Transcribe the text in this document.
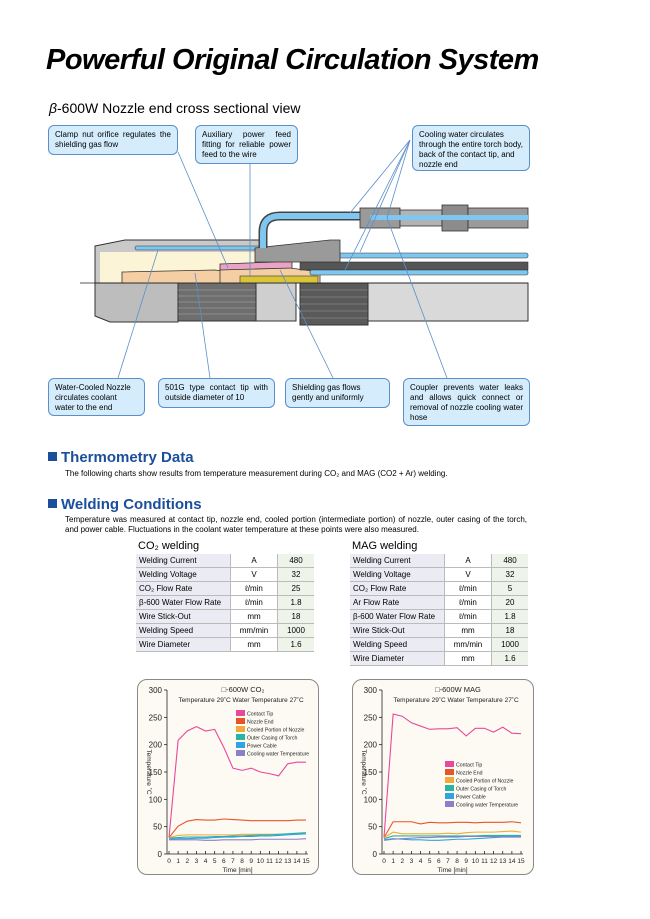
Powerful Original Circulation System
β-600W Nozzle end cross sectional view
Clamp nut orifice regulates the shielding gas flow
Auxiliary power feed fitting for reliable power feed to the wire
Cooling water circulates through the entire torch body, back of the contact tip, and nozzle end
Water-Cooled Nozzle circulates coolant water to the end
501G type contact tip with outside diameter of 10
Shielding gas flows gently and uniformly
Coupler prevents water leaks and allows quick connect or removal of nozzle cooling water hose
Thermometry Data
The following charts show results from temperature measurement during CO₂ and MAG (CO2 + Ar) welding.
Welding Conditions
Temperature was measured at contact tip, nozzle end, cooled portion (intermediate portion) of nozzle, outer casing of the torch, and power cable. Fluctuations in the coolant water temperature at these points were also measured.
CO₂ welding
Welding Current	A	480
Welding Voltage	V	32
CO₂ Flow Rate	ℓ/min	25
β-600 Water Flow Rate	ℓ/min	1.8
Wire Stick-Out	mm	18
Welding Speed	mm/min	1000
Wire Diameter	mm	1.6
MAG welding
Welding Current	A	480
Welding Voltage	V	32
CO₂ Flow Rate	ℓ/min	5
Ar Flow Rate	ℓ/min	20
β-600 Water Flow Rate	ℓ/min	1.8
Wire Stick-Out	mm	18
Welding Speed	mm/min	1000
Wire Diameter	mm	1.6
0
50
100
150
200
250
300
0 1 2 3 4 5 6 7 8 9 10 11 12 13 14 15
Time [min]
Temperature ˚C
□-600W CO₂
Temperature 29˚C Water Temperature 27˚C
Contact Tip
Nozzle End
Cooled Portion of Nozzle
Outer Casing of Torch
Power Cable
Cooling water Temperature
0
50
100
150
200
250
300
0 1 2 3 4 5 6 7 8 9 10 11 12 13 14 15
Time [min]
Temperature ˚C
□-600W MAG
Temperature 29˚C Water Temperature 27˚C
Contact Tip
Nozzle End
Cooled Portion of Nozzle
Outer Casing of Torch
Power Cable
Cooling water Temperature
